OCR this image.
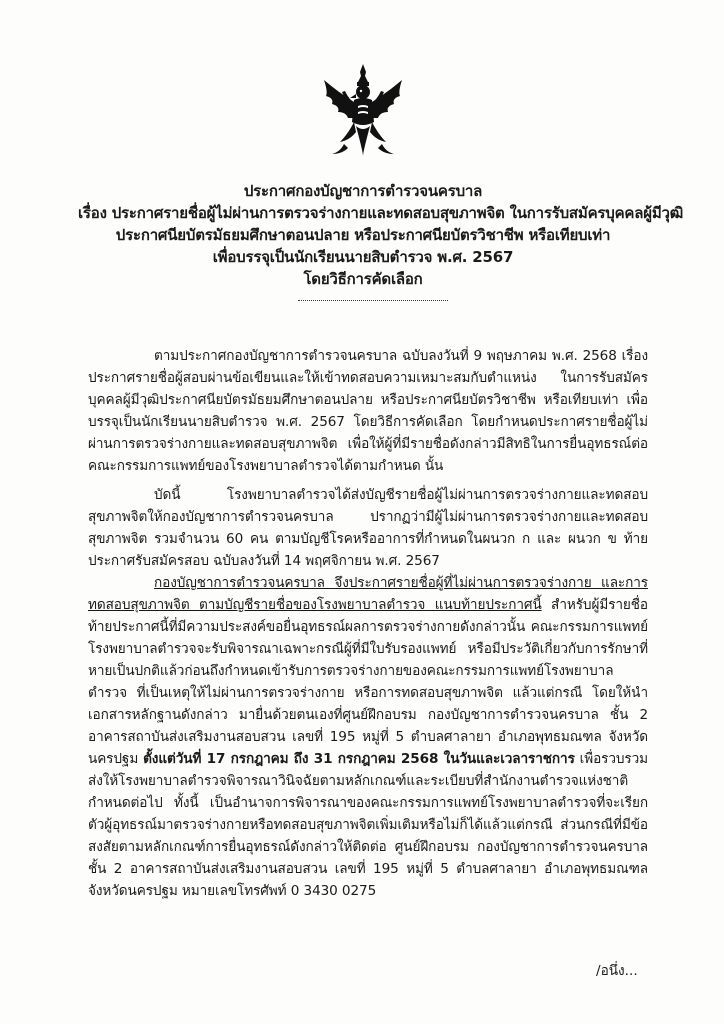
ประกาศกองบัญชาการตำรวจนครบาล
เรื่อง ประกาศรายชื่อผู้ไม่ผ่านการตรวจร่างกายและทดสอบสุขภาพจิต ในการรับสมัครบุคคลผู้มีวุฒิ
ประกาศนียบัตรมัธยมศึกษาตอนปลาย หรือประกาศนียบัตรวิชาชีพ หรือเทียบเท่า
เพื่อบรรจุเป็นนักเรียนนายสิบตำรวจ พ.ศ. 2567
โดยวิธีการคัดเลือก
ตามประกาศกองบัญชาการตำรวจนครบาล ฉบับลงวันที่ 9 พฤษภาคม พ.ศ. 2568 เรื่อง ประกาศรายชื่อผู้สอบผ่านข้อเขียนและให้เข้าทดสอบความเหมาะสมกับตำแหน่ง ในการรับสมัครบุคคลผู้มีวุฒิประกาศนียบัตรมัธยมศึกษาตอนปลาย หรือประกาศนียบัตรวิชาชีพ หรือเทียบเท่า เพื่อบรรจุเป็นนักเรียนนายสิบตำรวจ พ.ศ. 2567 โดยวิธีการคัดเลือก โดยกำหนดประกาศรายชื่อผู้ไม่ผ่านการตรวจร่างกายและทดสอบสุขภาพจิต เพื่อให้ผู้ที่มีรายชื่อดังกล่าวมีสิทธิในการยื่นอุทธรณ์ต่อคณะกรรมการแพทย์ของโรงพยาบาลตำรวจได้ตามกำหนด นั้น
บัดนี้ โรงพยาบาลตำรวจได้ส่งบัญชีรายชื่อผู้ไม่ผ่านการตรวจร่างกายและทดสอบสุขภาพจิตให้กองบัญชาการตำรวจนครบาล ปรากฏว่ามีผู้ไม่ผ่านการตรวจร่างกายและทดสอบสุขภาพจิต รวมจำนวน 60 คน ตามบัญชีโรคหรืออาการที่กำหนดในผนวก ก และ ผนวก ข ท้ายประกาศรับสมัครสอบ ฉบับลงวันที่ 14 พฤศจิกายน พ.ศ. 2567
กองบัญชาการตำรวจนครบาล จึงประกาศรายชื่อผู้ที่ไม่ผ่านการตรวจร่างกาย และการทดสอบสุขภาพจิต ตามบัญชีรายชื่อของโรงพยาบาลตำรวจ แนบท้ายประกาศนี้ สำหรับผู้มีรายชื่อท้ายประกาศนี้ที่มีความประสงค์ขอยื่นอุทธรณ์ผลการตรวจร่างกายดังกล่าวนั้น คณะกรรมการแพทย์โรงพยาบาลตำรวจจะรับพิจารณาเฉพาะกรณีผู้ที่มีใบรับรองแพทย์ หรือมีประวัติเกี่ยวกับการรักษาที่หายเป็นปกติแล้วก่อนถึงกำหนดเข้ารับการตรวจร่างกายของคณะกรรมการแพทย์โรงพยาบาลตำรวจ ที่เป็นเหตุให้ไม่ผ่านการตรวจร่างกาย หรือการทดสอบสุขภาพจิต แล้วแต่กรณี โดยให้นำเอกสารหลักฐานดังกล่าว มายื่นด้วยตนเองที่ศูนย์ฝึกอบรม กองบัญชาการตำรวจนครบาล ชั้น 2 อาคารสถาบันส่งเสริมงานสอบสวน เลขที่ 195 หมู่ที่ 5 ตำบลศาลายา อำเภอพุทธมณฑล จังหวัดนครปฐม ตั้งแต่วันที่ 17 กรกฎาคม ถึง 31 กรกฎาคม 2568 ในวันและเวลาราชการ เพื่อรวบรวมส่งให้โรงพยาบาลตำรวจพิจารณาวินิจฉัยตามหลักเกณฑ์และระเบียบที่สำนักงานตำรวจแห่งชาติ กำหนดต่อไป ทั้งนี้ เป็นอำนาจการพิจารณาของคณะกรรมการแพทย์โรงพยาบาลตำรวจที่จะเรียกตัวผู้อุทธรณ์มาตรวจร่างกายหรือทดสอบสุขภาพจิตเพิ่มเติมหรือไม่ก็ได้แล้วแต่กรณี ส่วนกรณีที่มีข้อสงสัยตามหลักเกณฑ์การยื่นอุทธรณ์ดังกล่าวให้ติดต่อ ศูนย์ฝึกอบรม กองบัญชาการตำรวจนครบาล ชั้น 2 อาคารสถาบันส่งเสริมงานสอบสวน เลขที่ 195 หมู่ที่ 5 ตำบลศาลายา อำเภอพุทธมณฑล จังหวัดนครปฐม หมายเลขโทรศัพท์ 0 3430 0275
/อนึ่ง...
